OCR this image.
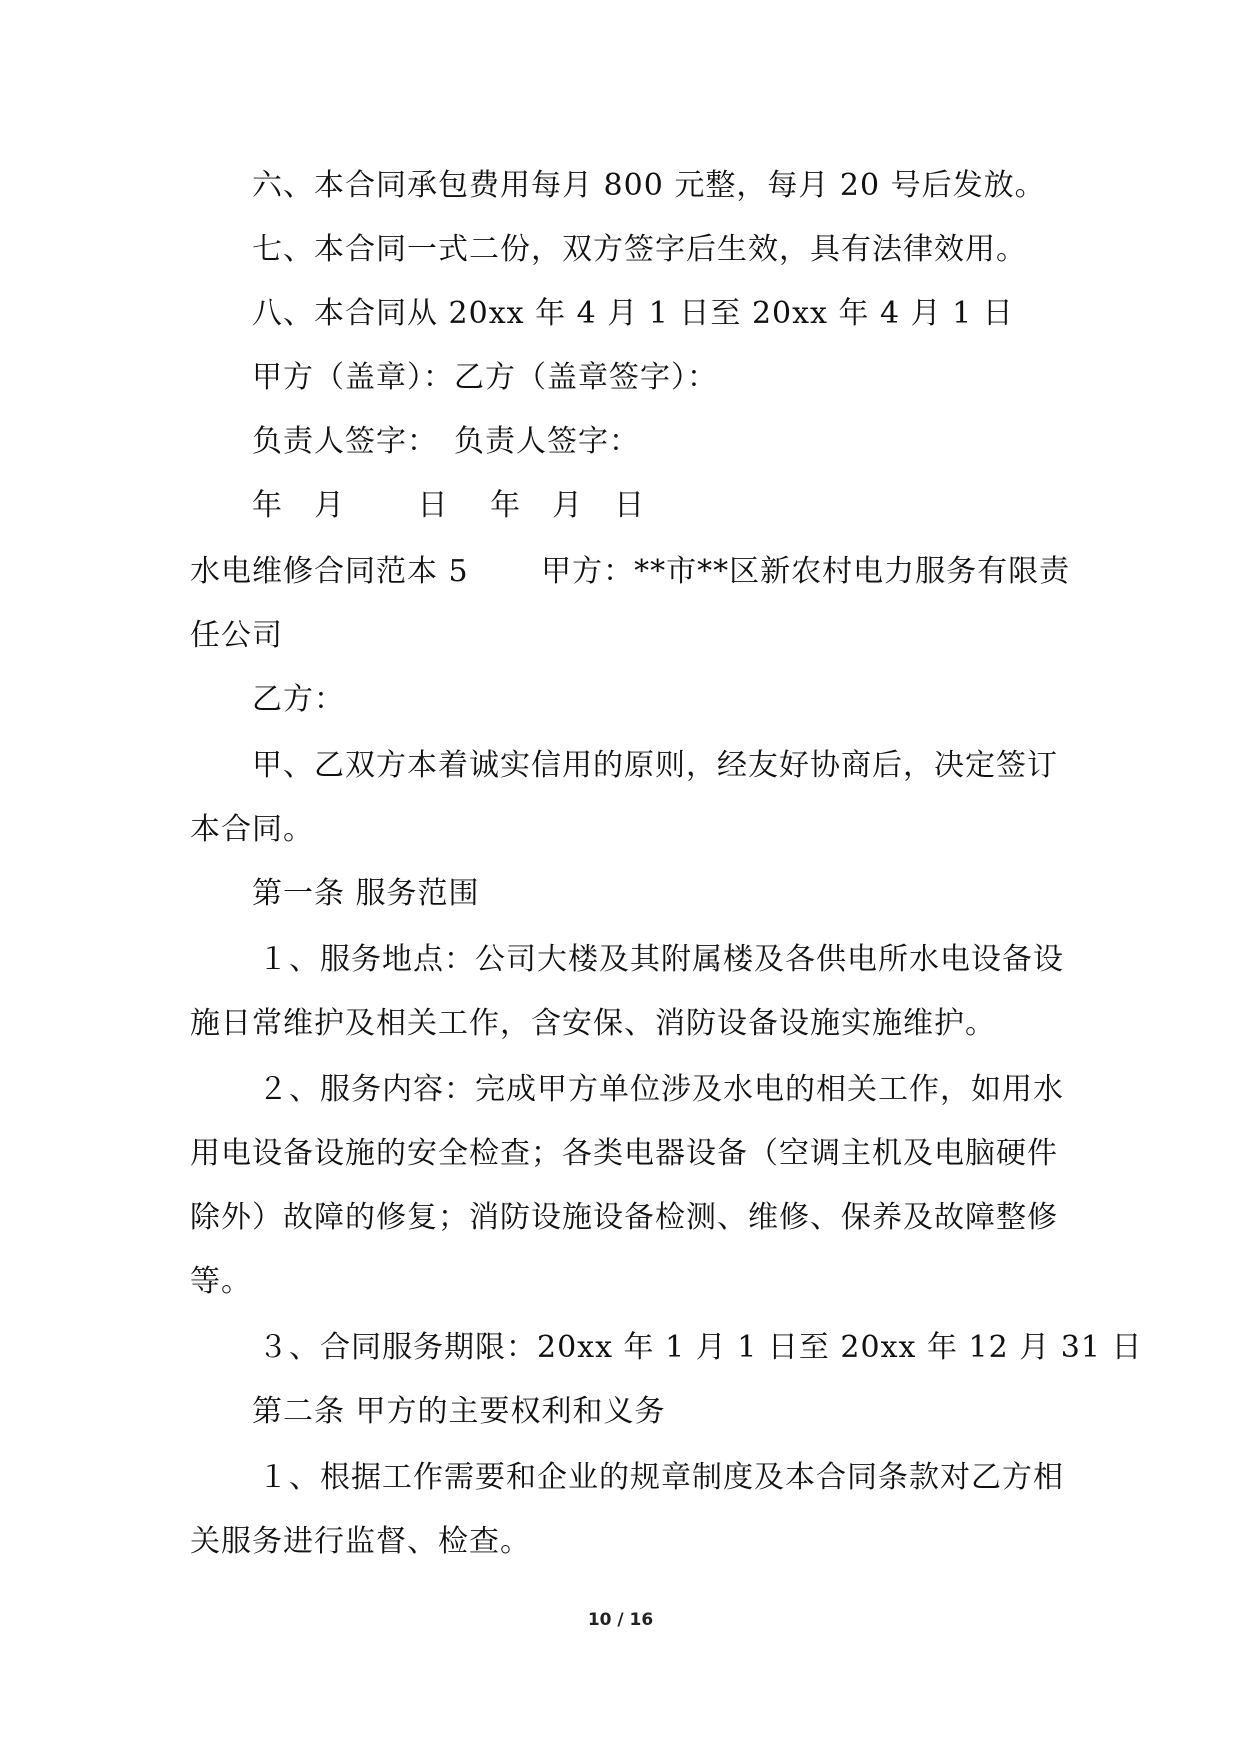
六、本合同承包费用每月 800 元整，每月 20 号后发放。
七、本合同一式二份，双方签字后生效，具有法律效用。
八、本合同从 20xx 年 4 月 1 日至 20xx 年 4 月 1 日
甲方（盖章）：乙方（盖章签字）：
负责人签字：　负责人签字：
年　月　　 日　 年　月　日
水电维修合同范本 5　　 甲方：**市**区新农村电力服务有限责
任公司
乙方：
甲、乙双方本着诚实信用的原则，经友好协商后，决定签订
本合同。
第一条 服务范围
１、服务地点：公司大楼及其附属楼及各供电所水电设备设
施日常维护及相关工作，含安保、消防设备设施实施维护。
２、服务内容：完成甲方单位涉及水电的相关工作，如用水
用电设备设施的安全检查；各类电器设备（空调主机及电脑硬件
除外）故障的修复；消防设施设备检测、维修、保养及故障整修
等。
３、合同服务期限：20xx 年 1 月 1 日至 20xx 年 12 月 31 日
第二条 甲方的主要权利和义务
１、根据工作需要和企业的规章制度及本合同条款对乙方相
关服务进行监督、检查。
10 / 16
